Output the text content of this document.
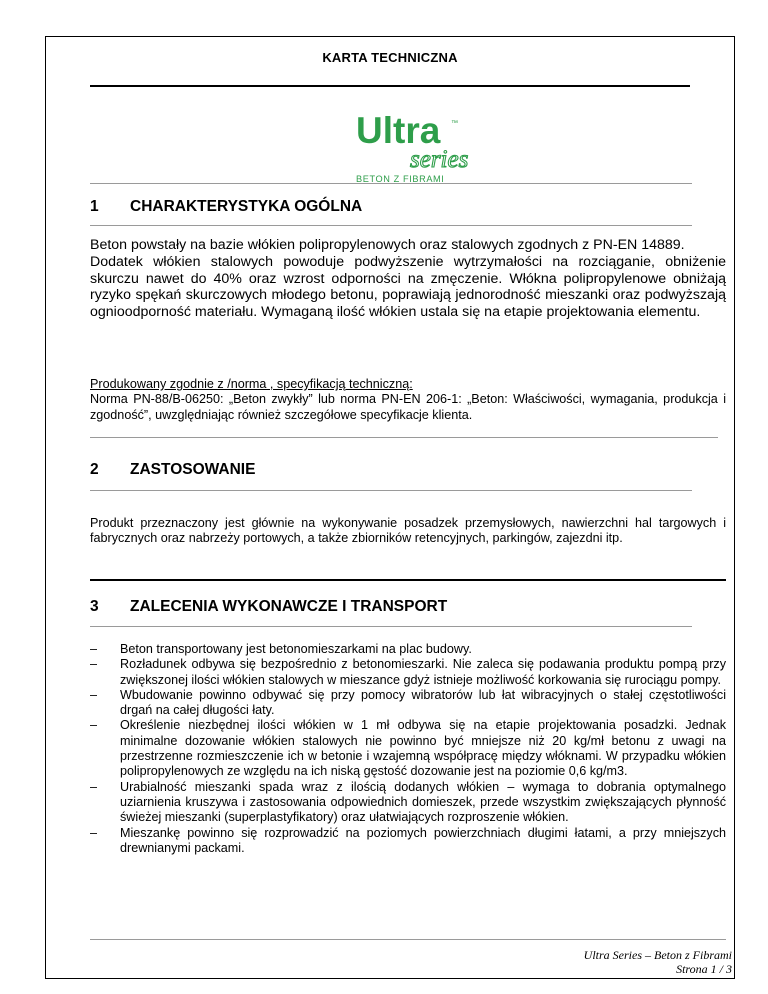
KARTA TECHNICZNA
Ultra ™
series
BETON Z FIBRAMI
1 CHARAKTERYSTYKA OGÓLNA
Beton powstały na bazie włókien polipropylenowych oraz stalowych zgodnych z PN-EN 14889.
Dodatek włókien stalowych powoduje podwyższenie wytrzymałości na rozciąganie, obniżenie skurczu nawet do 40% oraz wzrost odporności na zmęczenie. Włókna polipropylenowe obniżają ryzyko spękań skurczowych młodego betonu, poprawiają jednorodność mieszanki oraz podwyższają ognioodporność materiału. Wymaganą ilość włókien ustala się na etapie projektowania elementu.
Produkowany zgodnie z /norma , specyfikacją techniczną:
Norma PN-88/B-06250: „Beton zwykły” lub norma PN-EN 206-1: „Beton: Właściwości, wymagania, produkcja i zgodność”, uwzględniając również szczegółowe specyfikacje klienta.
2 ZASTOSOWANIE
Produkt przeznaczony jest głównie na wykonywanie posadzek przemysłowych, nawierzchni hal targowych i fabrycznych oraz nabrzeży portowych, a także zbiorników retencyjnych, parkingów, zajezdni itp.
3 ZALECENIA WYKONAWCZE I TRANSPORT
– Beton transportowany jest betonomieszarkami na plac budowy.
– Rozładunek odbywa się bezpośrednio z betonomieszarki. Nie zaleca się podawania produktu pompą przy zwiększonej ilości włókien stalowych w mieszance gdyż istnieje możliwość korkowania się rurociągu pompy.
– Wbudowanie powinno odbywać się przy pomocy wibratorów lub łat wibracyjnych o stałej częstotliwości drgań na całej długości łaty.
– Określenie niezbędnej ilości włókien w 1 mł odbywa się na etapie projektowania posadzki. Jednak minimalne dozowanie włókien stalowych nie powinno być mniejsze niż 20 kg/mł betonu z uwagi na przestrzenne rozmieszczenie ich w betonie i wzajemną współpracę między włóknami. W przypadku włókien polipropylenowych ze względu na ich niską gęstość dozowanie jest na poziomie 0,6 kg/m3.
– Urabialność mieszanki spada wraz z ilością dodanych włókien – wymaga to dobrania optymalnego uziarnienia kruszywa i zastosowania odpowiednich domieszek, przede wszystkim zwiększających płynność świeżej mieszanki (superplastyfikatory) oraz ułatwiających rozproszenie włókien.
– Mieszankę powinno się rozprowadzić na poziomych powierzchniach długimi łatami, a przy mniejszych drewnianymi packami.
Ultra Series – Beton z Fibrami
Strona 1 / 3
